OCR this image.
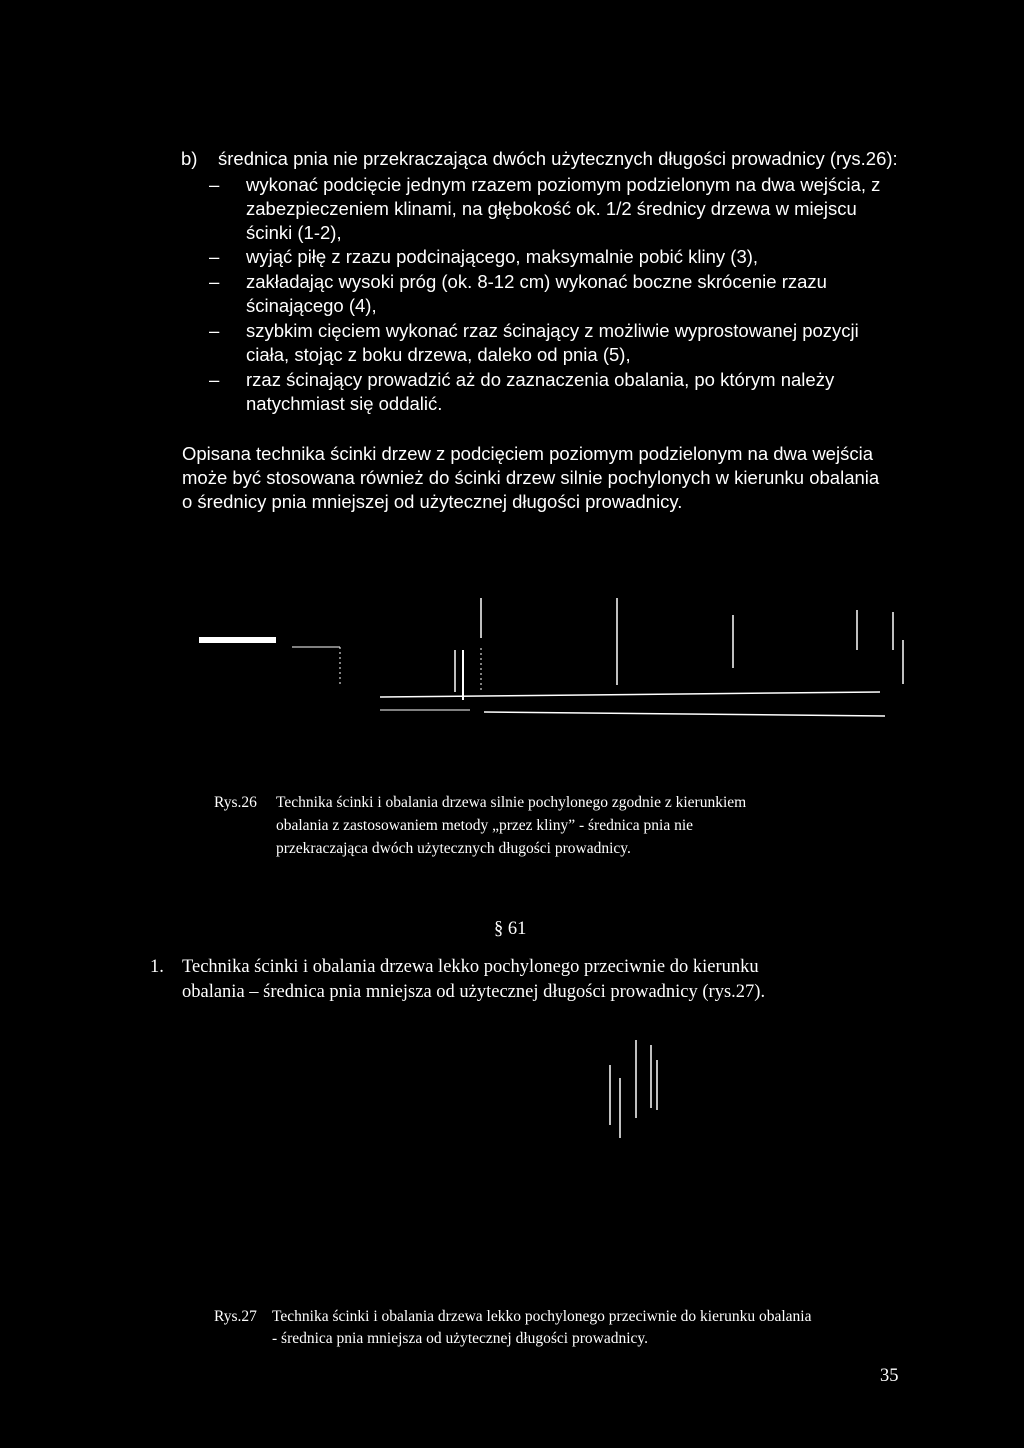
b) średnica pnia nie przekraczająca dwóch użytecznych długości prowadnicy (rys.26):
– wykonać podcięcie jednym rzazem poziomym podzielonym na dwa wejścia, z
zabezpieczeniem klinami, na głębokość ok. 1/2 średnicy drzewa w miejscu
ścinki (1-2),
– wyjąć piłę z rzazu podcinającego, maksymalnie pobić kliny (3),
– zakładając wysoki próg (ok. 8-12 cm) wykonać boczne skrócenie rzazu
ścinającego (4),
– szybkim cięciem wykonać rzaz ścinający z możliwie wyprostowanej pozycji
ciała, stojąc z boku drzewa, daleko od pnia (5),
– rzaz ścinający prowadzić aż do zaznaczenia obalania, po którym należy
natychmiast się oddalić.
Opisana technika ścinki drzew z podcięciem poziomym podzielonym na dwa wejścia
może być stosowana również do ścinki drzew silnie pochylonych w kierunku obalania
o średnicy pnia mniejszej od użytecznej długości prowadnicy.
Rys.26 Technika ścinki i obalania drzewa silnie pochylonego zgodnie z kierunkiem
obalania z zastosowaniem metody „przez kliny” - średnica pnia nie
przekraczająca dwóch użytecznych długości prowadnicy.
§ 61
1. Technika ścinki i obalania drzewa lekko pochylonego przeciwnie do kierunku
obalania – średnica pnia mniejsza od użytecznej długości prowadnicy (rys.27).
Rys.27 Technika ścinki i obalania drzewa lekko pochylonego przeciwnie do kierunku obalania
- średnica pnia mniejsza od użytecznej długości prowadnicy.
35
